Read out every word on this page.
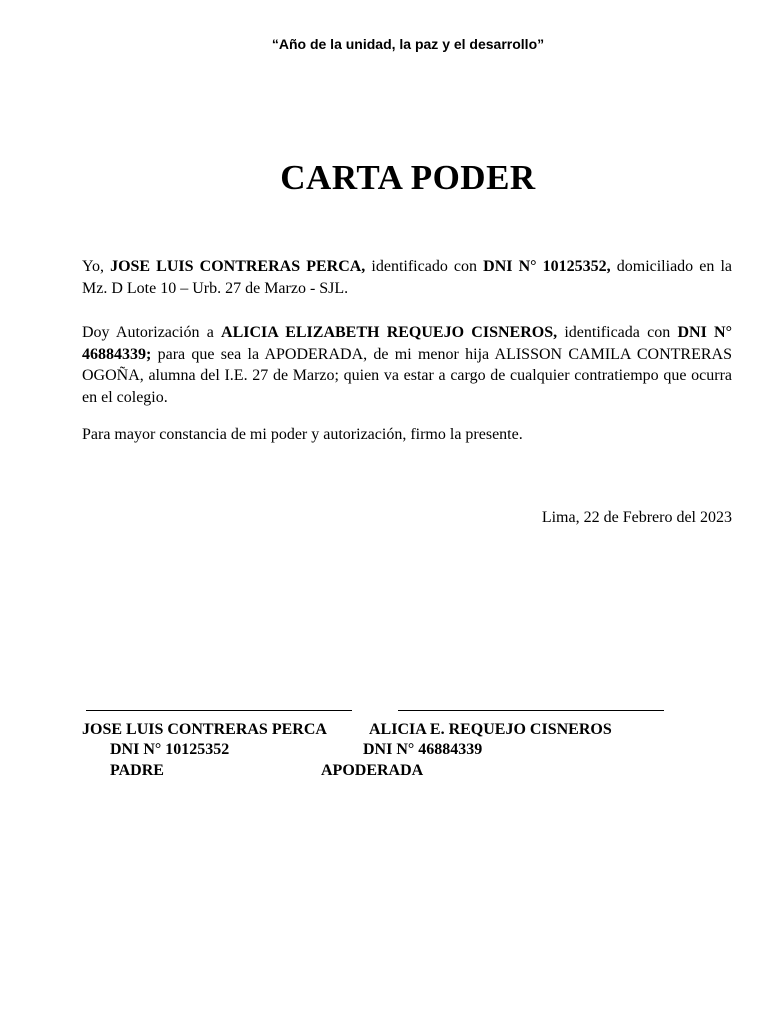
“Año de la unidad, la paz y el desarrollo”
CARTA PODER
Yo, JOSE LUIS CONTRERAS PERCA, identificado con DNI N° 10125352, domiciliado en la Mz. D Lote 10 – Urb. 27 de Marzo - SJL.
Doy Autorización a ALICIA ELIZABETH REQUEJO CISNEROS, identificada con DNI N° 46884339; para que sea la APODERADA, de mi menor hija ALISSON CAMILA CONTRERAS OGOÑA, alumna del I.E. 27 de Marzo; quien va estar a cargo de cualquier contratiempo que ocurra en el colegio.
Para mayor constancia de mi poder y autorización, firmo la presente.
Lima, 22 de Febrero del 2023
JOSE LUIS CONTRERAS PERCA
DNI N° 10125352
PADRE
ALICIA E. REQUEJO CISNEROS
DNI N° 46884339
APODERADA
